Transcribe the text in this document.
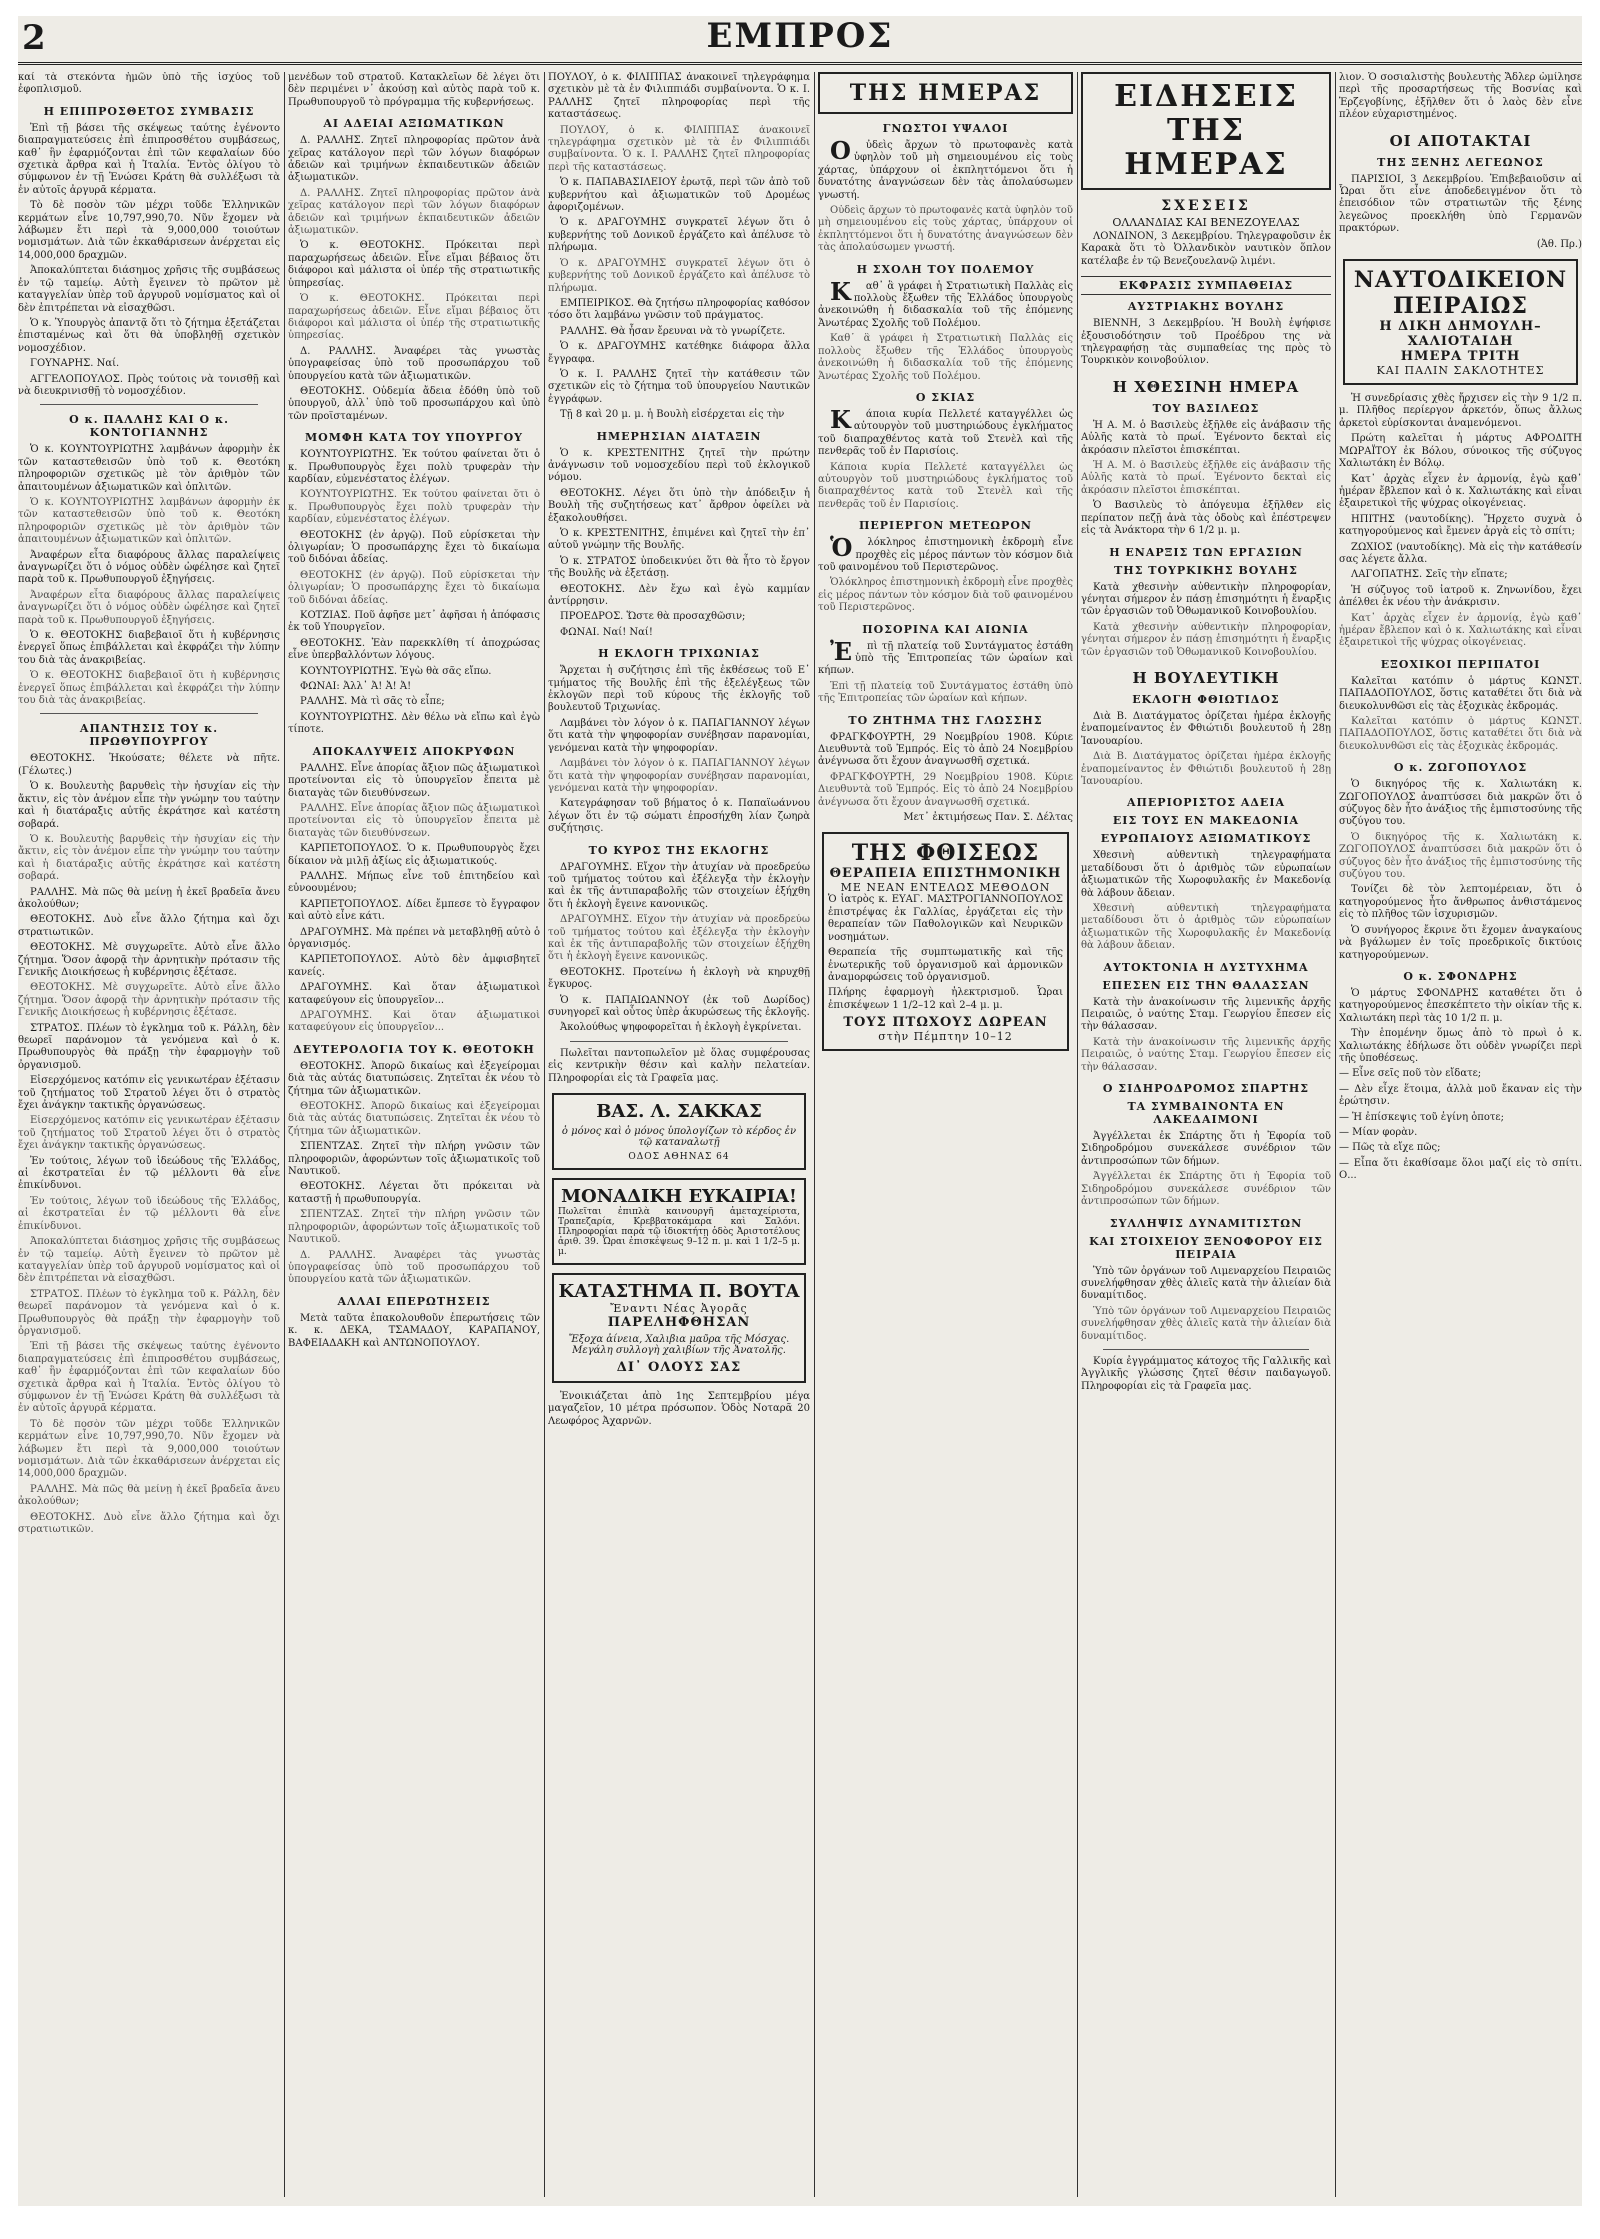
2	ΕΜΠΡΟΣ

καί τὰ στεκόντα ἡμῶν ὑπὸ τῆς ἰσχύος τοῦ ἐφοπλισμοῦ.

Η ΕΠΙΠΡΟΣΘΕΤΟΣ ΣΥΜΒΑΣΙΣ

Ἐπὶ τῇ βάσει τῆς σκέψεως ταύτης ἐγένοντο διαπραγματεύσεις ἐπὶ ἐπιπροσθέτου συμβάσεως, καθ᾽ ἣν ἐφαρμόζονται ἐπὶ τῶν κεφαλαίων δύο σχετικὰ ἄρθρα καὶ ἡ Ἰταλία. Ἐντὸς ὀλίγου τὸ σύμφωνον ἐν τῇ Ἑνώσει Κράτη θὰ συλλέξωσι τὰ ἐν αὐτοῖς ἀργυρᾶ κέρματα.

Τὸ δὲ ποσὸν τῶν μέχρι τοῦδε Ἑλληνικῶν κερμάτων εἶνε 10,797,990,70. Νῦν ἔχομεν νὰ λάβωμεν ἔτι περὶ τὰ 9,000,000 τοιούτων νομισμάτων. Διὰ τῶν ἐκκαθάρισεων ἀνέρχεται εἰς 14,000,000 δραχμῶν.

Ἀποκαλύπτεται διάσημος χρῆσις τῆς συμβάσεως ἐν τῷ ταμείῳ. Αὐτὴ ἔγεινεν τὸ πρῶτον μὲ καταγγελίαν ὑπὲρ τοῦ ἀργυροῦ νομίσματος καὶ οἱ δὲν ἐπιτρέπεται νὰ εἰσαχθῶσι.

Ὁ κ. Ὑπουργὸς ἀπαντᾷ ὅτι τὸ ζήτημα ἐξετάζεται ἐπισταμένως καὶ ὅτι θὰ ὑποβληθῇ σχετικὸν νομοσχέδιον.

ΓΟΥΝΑΡΗΣ. Ναί.

ΑΓΓΕΛΟΠΟΥΛΟΣ. Πρὸς τούτοις νὰ τονισθῇ καὶ νὰ διευκρινισθῇ τὸ νομοσχέδιον.

Ο κ. ΠΑΛΛΗΣ ΚΑΙ Ο κ. ΚΟΝΤΟΓΙΑΝΝΗΣ

Ὁ κ. ΚΟΥΝΤΟΥΡΙΩΤΗΣ λαμβάνων ἀφορμὴν ἐκ τῶν καταστεθεισῶν ὑπὸ τοῦ κ. Θεοτόκη πληροφοριῶν σχετικῶς μὲ τὸν ἀριθμὸν τῶν ἀπαιτουμένων ἀξιωματικῶν καὶ ὁπλιτῶν.

Ὁ κ. ΚΟΥΝΤΟΥΡΙΩΤΗΣ λαμβάνων ἀφορμὴν ἐκ τῶν καταστεθεισῶν ὑπὸ τοῦ κ. Θεοτόκη πληροφοριῶν σχετικῶς μὲ τὸν ἀριθμὸν τῶν ἀπαιτουμένων ἀξιωματικῶν καὶ ὁπλιτῶν.

Ἀναφέρων εἶτα διαφόρους ἄλλας παραλείψεις ἀναγνωρίζει ὅτι ὁ νόμος οὐδὲν ὠφέλησε καὶ ζητεῖ παρὰ τοῦ κ. Πρωθυπουργοῦ ἐξηγήσεις.

Ἀναφέρων εἶτα διαφόρους ἄλλας παραλείψεις ἀναγνωρίζει ὅτι ὁ νόμος οὐδὲν ὠφέλησε καὶ ζητεῖ παρὰ τοῦ κ. Πρωθυπουργοῦ ἐξηγήσεις.

Ὁ κ. ΘΕΟΤΟΚΗΣ διαβεβαιοῖ ὅτι ἡ κυβέρνησις ἐνεργεῖ ὅπως ἐπιβάλλεται καὶ ἐκφράζει τὴν λύπην του διὰ τὰς ἀνακριβείας.

Ὁ κ. ΘΕΟΤΟΚΗΣ διαβεβαιοῖ ὅτι ἡ κυβέρνησις ἐνεργεῖ ὅπως ἐπιβάλλεται καὶ ἐκφράζει τὴν λύπην του διὰ τὰς ἀνακριβείας.

ΑΠΑΝΤΗΣΙΣ ΤΟΥ κ. ΠΡΩΘΥΠΟΥΡΓΟΥ

ΘΕΟΤΟΚΗΣ. Ἠκούσατε; θέλετε νὰ πῆτε. (Γέλωτες.)

Ὁ κ. Βουλευτὴς βαρυθεὶς τὴν ἡσυχίαν εἰς τὴν ἄκτιν, εἰς τὸν ἀνέμον εἶπε τὴν γνώμην του ταύτην καὶ ἡ διατάραξις αὐτῆς ἐκράτησε καὶ κατέστη σοβαρά.

Ὁ κ. Βουλευτὴς βαρυθεὶς τὴν ἡσυχίαν εἰς τὴν ἄκτιν, εἰς τὸν ἀνέμον εἶπε τὴν γνώμην του ταύτην καὶ ἡ διατάραξις αὐτῆς ἐκράτησε καὶ κατέστη σοβαρά.

ΡΑΛΛΗΣ. Μὰ πῶς θὰ μείνῃ ἡ ἐκεῖ βραδεῖα ἄνευ ἀκολούθων;

ΘΕΟΤΟΚΗΣ. Δυὸ εἶνε ἄλλο ζήτημα καὶ ὄχι στρατιωτικῶν.

ΘΕΟΤΟΚΗΣ. Μὲ συγχωρεῖτε. Αὐτὸ εἶνε ἄλλο ζήτημα. Ὅσον ἀφορᾷ τὴν ἀρνητικὴν πρότασιν τῆς Γενικῆς Διοικήσεως ἡ κυβέρνησις ἐξέτασε.

ΘΕΟΤΟΚΗΣ. Μὲ συγχωρεῖτε. Αὐτὸ εἶνε ἄλλο ζήτημα. Ὅσον ἀφορᾷ τὴν ἀρνητικὴν πρότασιν τῆς Γενικῆς Διοικήσεως ἡ κυβέρνησις ἐξέτασε.

ΣΤΡΑΤΟΣ. Πλέων τὸ ἐγκλημα τοῦ κ. Ράλλη, δὲν θεωρεῖ παράνομον τὰ γενόμενα καὶ ὁ κ. Πρωθυπουργὸς θὰ πράξῃ τὴν ἐφαρμογὴν τοῦ ὀργανισμοῦ.

Εἰσερχόμενος κατόπιν εἰς γενικωτέραν ἐξέτασιν τοῦ ζητήματος τοῦ Στρατοῦ λέγει ὅτι ὁ στρατὸς ἔχει ἀνάγκην τακτικῆς ὀργανώσεως.

Εἰσερχόμενος κατόπιν εἰς γενικωτέραν ἐξέτασιν τοῦ ζητήματος τοῦ Στρατοῦ λέγει ὅτι ὁ στρατὸς ἔχει ἀνάγκην τακτικῆς ὀργανώσεως.

Ἐν τούτοις, λέγων τοῦ ἰδεώδους τῆς Ἑλλάδος, αἱ ἐκστρατεῖαι ἐν τῷ μέλλοντι θὰ εἶνε ἐπικίνδυνοι.

Ἐν τούτοις, λέγων τοῦ ἰδεώδους τῆς Ἑλλάδος, αἱ ἐκστρατεῖαι ἐν τῷ μέλλοντι θὰ εἶνε ἐπικίνδυνοι.

Ἀποκαλύπτεται διάσημος χρῆσις τῆς συμβάσεως ἐν τῷ ταμείῳ. Αὐτὴ ἔγεινεν τὸ πρῶτον μὲ καταγγελίαν ὑπὲρ τοῦ ἀργυροῦ νομίσματος καὶ οἱ δὲν ἐπιτρέπεται νὰ εἰσαχθῶσι.

ΣΤΡΑΤΟΣ. Πλέων τὸ ἐγκλημα τοῦ κ. Ράλλη, δὲν θεωρεῖ παράνομον τὰ γενόμενα καὶ ὁ κ. Πρωθυπουργὸς θὰ πράξῃ τὴν ἐφαρμογὴν τοῦ ὀργανισμοῦ.

Ἐπὶ τῇ βάσει τῆς σκέψεως ταύτης ἐγένοντο διαπραγματεύσεις ἐπὶ ἐπιπροσθέτου συμβάσεως, καθ᾽ ἣν ἐφαρμόζονται ἐπὶ τῶν κεφαλαίων δύο σχετικὰ ἄρθρα καὶ ἡ Ἰταλία. Ἐντὸς ὀλίγου τὸ σύμφωνον ἐν τῇ Ἑνώσει Κράτη θὰ συλλέξωσι τὰ ἐν αὐτοῖς ἀργυρᾶ κέρματα.

Τὸ δὲ ποσὸν τῶν μέχρι τοῦδε Ἑλληνικῶν κερμάτων εἶνε 10,797,990,70. Νῦν ἔχομεν νὰ λάβωμεν ἔτι περὶ τὰ 9,000,000 τοιούτων νομισμάτων. Διὰ τῶν ἐκκαθάρισεων ἀνέρχεται εἰς 14,000,000 δραχμῶν.

ΡΑΛΛΗΣ. Μὰ πῶς θὰ μείνῃ ἡ ἐκεῖ βραδεῖα ἄνευ ἀκολούθων;

ΘΕΟΤΟΚΗΣ. Δυὸ εἶνε ἄλλο ζήτημα καὶ ὄχι στρατιωτικῶν.

μενέδων τοῦ στρατοῦ. Κατακλεῖων δὲ λέγει ὅτι δὲν περιμένει ν᾽ ἀκούσῃ καὶ αὐτὸς παρὰ τοῦ κ. Πρωθυπουργοῦ τὸ πρόγραμμα τῆς κυβερνήσεως.

ΑΙ ΑΔΕΙΑΙ ΑΞΙΩΜΑΤΙΚΩΝ

Δ. ΡΑΛΛΗΣ. Ζητεῖ πληροφορίας πρῶτον ἀνὰ χεῖρας κατάλογον περὶ τῶν λόγων διαφόρων ἀδειῶν καὶ τριμήνων ἐκπαιδευτικῶν ἀδειῶν ἀξιωματικῶν.

Δ. ΡΑΛΛΗΣ. Ζητεῖ πληροφορίας πρῶτον ἀνὰ χεῖρας κατάλογον περὶ τῶν λόγων διαφόρων ἀδειῶν καὶ τριμήνων ἐκπαιδευτικῶν ἀδειῶν ἀξιωματικῶν.

Ὁ κ. ΘΕΟΤΟΚΗΣ. Πρόκειται περὶ παραχωρήσεως ἀδειῶν. Εἶνε εἴμαι βέβαιος ὅτι διάφοροι καὶ μάλιστα οἱ ὑπέρ τῆς στρατιωτικῆς ὑπηρεσίας.

Ὁ κ. ΘΕΟΤΟΚΗΣ. Πρόκειται περὶ παραχωρήσεως ἀδειῶν. Εἶνε εἴμαι βέβαιος ὅτι διάφοροι καὶ μάλιστα οἱ ὑπέρ τῆς στρατιωτικῆς ὑπηρεσίας.

Δ. ΡΑΛΛΗΣ. Ἀναφέρει τὰς γνωστὰς ὑπογραφείσας ὑπὸ τοῦ προσωπάρχου τοῦ ὑπουργείου κατὰ τῶν ἀξιωματικῶν.

ΘΕΟΤΟΚΗΣ. Οὐδεμία ἄδεια ἐδόθη ὑπὸ τοῦ ὑπουργοῦ, ἀλλ᾽ ὑπὸ τοῦ προσωπάρχου καὶ ὑπὸ τῶν προϊσταμένων.

ΜΟΜΦΗ ΚΑΤΑ ΤΟΥ ΥΠΟΥΡΓΟΥ

ΚΟΥΝΤΟΥΡΙΩΤΗΣ. Ἐκ τούτου φαίνεται ὅτι ὁ κ. Πρωθυπουργὸς ἔχει πολὺ τρυφερὰν τὴν καρδίαν, εὐμενέστατος ἐλέγων.

ΚΟΥΝΤΟΥΡΙΩΤΗΣ. Ἐκ τούτου φαίνεται ὅτι ὁ κ. Πρωθυπουργὸς ἔχει πολὺ τρυφερὰν τὴν καρδίαν, εὐμενέστατος ἐλέγων.

ΘΕΟΤΟΚΗΣ (ἐν ἀργῷ). Ποῦ εὑρίσκεται τὴν ὀλιγωρίαν; Ὁ προσωπάρχης ἔχει τὸ δικαίωμα τοῦ διδόναι ἀδείας.

ΘΕΟΤΟΚΗΣ (ἐν ἀργῷ). Ποῦ εὑρίσκεται τὴν ὀλιγωρίαν; Ὁ προσωπάρχης ἔχει τὸ δικαίωμα τοῦ διδόναι ἀδείας.

ΚΟΤΖΙΑΣ. Ποῦ ἀφῆσε μετ᾽ ἀφῆσαι ἡ ἀπόφασις ἐκ τοῦ Υπουργεῖον.

ΘΕΟΤΟΚΗΣ. Ἐὰν παρεκκλίθη τί ἀποχρώσας εἶνε ὑπερβαλλόντων λόγους.

ΚΟΥΝΤΟΥΡΙΩΤΗΣ. Ἐγὼ θὰ σᾶς εἴπω.

ΦΩΝΑΙ: Ἀλλ᾽ Ἀ! Ἀ! Ἀ!

ΡΑΛΛΗΣ. Μὰ τὶ σᾶς τὸ εἶπε;

ΚΟΥΝΤΟΥΡΙΩΤΗΣ. Δὲν θέλω νὰ εἴπω καὶ ἐγὼ τίποτε.

ΑΠΟΚΑΛΥΨΕΙΣ ΑΠΟΚΡΥΦΩΝ

ΡΑΛΛΗΣ. Εἶνε ἀπορίας ἄξιον πῶς ἀξιωματικοὶ προτείνονται εἰς τὸ ὑπουργεῖον ἔπειτα μὲ διαταγὰς τῶν διευθύνσεων.

ΡΑΛΛΗΣ. Εἶνε ἀπορίας ἄξιον πῶς ἀξιωματικοὶ προτείνονται εἰς τὸ ὑπουργεῖον ἔπειτα μὲ διαταγὰς τῶν διευθύνσεων.

ΚΑΡΠΕΤΟΠΟΥΛΟΣ. Ὁ κ. Πρωθυπουργὸς ἔχει δίκαιον νὰ μιλῇ ἀξίως εἰς ἀξιωματικούς.

ΡΑΛΛΗΣ. Μήπως εἶνε τοῦ ἐπιτηδείου καὶ εὐνοουμένου;

ΚΑΡΠΕΤΟΠΟΥΛΟΣ. Δίδει ἔμπεσε τὸ ἔγγραφον καὶ αὐτὸ εἶνε κάτι.

ΔΡΑΓΟΥΜΗΣ. Μὰ πρέπει νὰ μεταβληθῇ αὐτὸ ὁ ὀργανισμός.

ΚΑΡΠΕΤΟΠΟΥΛΟΣ. Αὐτὸ δὲν ἀμφισβητεῖ κανείς.

ΔΡΑΓΟΥΜΗΣ. Καὶ ὅταν ἀξιωματικοὶ καταφεύγουν εἰς ὑπουργεῖον...

ΔΡΑΓΟΥΜΗΣ. Καὶ ὅταν ἀξιωματικοὶ καταφεύγουν εἰς ὑπουργεῖον...

ΔΕΥΤΕΡΟΛΟΓΙΑ ΤΟΥ Κ. ΘΕΟΤΟΚΗ

ΘΕΟΤΟΚΗΣ. Ἀπορῶ δικαίως καὶ ἐξεγείρομαι διὰ τὰς αὐτάς διατυπώσεις. Ζητεῖται ἐκ νέου τὸ ζήτημα τῶν ἀξιωματικῶν.

ΘΕΟΤΟΚΗΣ. Ἀπορῶ δικαίως καὶ ἐξεγείρομαι διὰ τὰς αὐτάς διατυπώσεις. Ζητεῖται ἐκ νέου τὸ ζήτημα τῶν ἀξιωματικῶν.

ΣΠΕΝΤΖΑΣ. Ζητεῖ τὴν πλήρη γνῶσιν τῶν πληροφοριῶν, ἀφορώντων τοῖς ἀξιωματικοῖς τοῦ Ναυτικοῦ.

ΘΕΟΤΟΚΗΣ. Λέγεται ὅτι πρόκειται νὰ καταστῇ ἡ πρωθυπουργία.

ΣΠΕΝΤΖΑΣ. Ζητεῖ τὴν πλήρη γνῶσιν τῶν πληροφοριῶν, ἀφορώντων τοῖς ἀξιωματικοῖς τοῦ Ναυτικοῦ.

Δ. ΡΑΛΛΗΣ. Ἀναφέρει τὰς γνωστὰς ὑπογραφείσας ὑπὸ τοῦ προσωπάρχου τοῦ ὑπουργείου κατὰ τῶν ἀξιωματικῶν.

ΑΛΛΑΙ ΕΠΕΡΩΤΗΣΕΙΣ

Μετὰ ταῦτα ἐπακολουθοῦν ἐπερωτήσεις τῶν κ. κ. ΔΕΚΑ, ΤΣΑΜΑΔΟΥ, ΚΑΡΑΠΑΝΟΥ, ΒΑΦΕΙΑΔΑΚΗ καὶ ΑΝΤΩΝΟΠΟΥΛΟΥ.

ΠΟΥΛΟΥ, ὁ κ. ΦΙΛΙΠΠΑΣ ἀνακοινεῖ τηλεγράφημα σχετικὸν μὲ τὰ ἐν Φιλιππιάδι συμβαίνοντα. Ὁ κ. Ι. ΡΑΛΛΗΣ ζητεῖ πληροφορίας περὶ τῆς καταστάσεως.

ΠΟΥΛΟΥ, ὁ κ. ΦΙΛΙΠΠΑΣ ἀνακοινεῖ τηλεγράφημα σχετικὸν μὲ τὰ ἐν Φιλιππιάδι συμβαίνοντα. Ὁ κ. Ι. ΡΑΛΛΗΣ ζητεῖ πληροφορίας περὶ τῆς καταστάσεως.

Ὁ κ. ΠΑΠΑΒΑΣΙΛΕΙΟΥ ἐρωτᾷ, περὶ τῶν ἀπὸ τοῦ κυβερνήτου καὶ ἀξιωματικῶν τοῦ Δρομέως ἀφοριζομένων.

Ὁ κ. ΔΡΑΓΟΥΜΗΣ συγκρατεῖ λέγων ὅτι ὁ κυβερνήτης τοῦ Δονικοῦ ἐργάζετο καὶ ἀπέλυσε τὸ πλήρωμα.

Ὁ κ. ΔΡΑΓΟΥΜΗΣ συγκρατεῖ λέγων ὅτι ὁ κυβερνήτης τοῦ Δονικοῦ ἐργάζετο καὶ ἀπέλυσε τὸ πλήρωμα.

ΕΜΠΕΙΡΙΚΟΣ. Θὰ ζητήσω πληροφορίας καθόσον τόσο ὅτι λαμβάνω γνῶσιν τοῦ πράγματος.

ΡΑΛΛΗΣ. Θὰ ἦσαν ἔρευναι νὰ τὸ γνωρίζετε.

Ὁ κ. ΔΡΑΓΟΥΜΗΣ κατέθηκε διάφορα ἄλλα ἔγγραφα.

Ὁ κ. Ι. ΡΑΛΛΗΣ ζητεῖ τὴν κατάθεσιν τῶν σχετικῶν εἰς τὸ ζήτημα τοῦ ὑπουργείου Ναυτικῶν ἐγγράφων.

Τῇ 8 καὶ 20 μ. μ. ἡ Βουλὴ εἰσέρχεται εἰς τὴν

ΗΜΕΡΗΣΙΑΝ ΔΙΑΤΑΞΙΝ

Ὁ κ. ΚΡΕΣΤΕΝΙΤΗΣ ζητεῖ τὴν πρώτην ἀνάγνωσιν τοῦ νομοσχεδίου περὶ τοῦ ἐκλογικοῦ νόμου.

ΘΕΟΤΟΚΗΣ. Λέγει ὅτι ὑπὸ τὴν ἀπόδειξιν ἡ Βουλὴ τῆς συζητήσεως κατ᾽ ἄρθρον ὀφείλει νὰ ἐξακολουθήσει.

Ὁ κ. ΚΡΕΣΤΕΝΙΤΗΣ, ἐπιμένει καὶ ζητεῖ τὴν ἐπ᾽ αὐτοῦ γνώμην τῆς Βουλῆς.

Ὁ κ. ΣΤΡΑΤΟΣ ὑποδεικνύει ὅτι θὰ ἦτο τὸ ἔργον τῆς Βουλῆς νὰ ἐξετάσῃ.

ΘΕΟΤΟΚΗΣ. Δὲν ἔχω καὶ ἐγὼ καμμίαν ἀντίρρησιν.

ΠΡΟΕΔΡΟΣ. Ὥστε θὰ προσαχθῶσιν;

ΦΩΝΑΙ. Ναί! Ναί!

Η ΕΚΛΟΓΗ ΤΡΙΧΩΝΙΑΣ

Ἄρχεται ἡ συζήτησις ἐπὶ τῆς ἐκθέσεως τοῦ Ε᾽ τμήματος τῆς Βουλῆς ἐπὶ τῆς ἐξελέγξεως τῶν ἐκλογῶν περὶ τοῦ κύρους τῆς ἐκλογῆς τοῦ βουλευτοῦ Τριχωνίας.

Λαμβάνει τὸν λόγον ὁ κ. ΠΑΠΑΓΙΑΝΝΟΥ λέγων ὅτι κατὰ τὴν ψηφοφορίαν συνέβησαν παρανομίαι, γενόμεναι κατὰ τὴν ψηφοφορίαν.

Λαμβάνει τὸν λόγον ὁ κ. ΠΑΠΑΓΙΑΝΝΟΥ λέγων ὅτι κατὰ τὴν ψηφοφορίαν συνέβησαν παρανομίαι, γενόμεναι κατὰ τὴν ψηφοφορίαν.

Κατεγράφησαν τοῦ βήματος ὁ κ. Παπαϊωάννου λέγων ὅτι ἐν τῷ σώματι ἐπροσήχθη λίαν ζωηρὰ συζήτησις.

ΤΟ ΚΥΡΟΣ ΤΗΣ ΕΚΛΟΓΗΣ

ΔΡΑΓΟΥΜΗΣ. Εἴχον τὴν ἀτυχίαν νὰ προεδρεύω τοῦ τμήματος τούτου καὶ ἐξέλεγξα τὴν ἐκλογὴν καὶ ἐκ τῆς ἀντιπαραβολῆς τῶν στοιχείων ἐξήχθη ὅτι ἡ ἐκλογὴ ἔγεινε κανονικῶς.

ΔΡΑΓΟΥΜΗΣ. Εἴχον τὴν ἀτυχίαν νὰ προεδρεύω τοῦ τμήματος τούτου καὶ ἐξέλεγξα τὴν ἐκλογὴν καὶ ἐκ τῆς ἀντιπαραβολῆς τῶν στοιχείων ἐξήχθη ὅτι ἡ ἐκλογὴ ἔγεινε κανονικῶς.

ΘΕΟΤΟΚΗΣ. Προτείνω ἡ ἐκλογὴ νὰ κηρυχθῇ ἔγκυρος.

Ὁ κ. ΠΑΠΑΙΩΑΝΝΟΥ (ἐκ τοῦ Δωρίδος) συνηγορεῖ καὶ οὗτος ὑπὲρ ἀκυρώσεως τῆς ἐκλογῆς.

Ἀκολούθως ψηφοφορεῖται ἡ ἐκλογὴ ἐγκρίνεται.

Πωλεῖται παντοπωλεῖον μὲ ὅλας συμφέρουσας εἰς κεντρικὴν θέσιν καὶ καλὴν πελατείαν. Πληροφορίαι εἰς τὰ Γραφεῖα μας.

ΒΑΣ. Λ. ΣΑΚΚΑΣ
ὁ μόνος καὶ ὁ μόνος ὑπολογίζων τὸ κέρδος ἐν τῷ καταναλωτῇ
ΟΔΟΣ ΑΘΗΝΑΣ 64
ΜΟΝΑΔΙΚΗ ΕΥΚΑΙΡΙΑ!
Πωλεῖται ἐπιπλὰ καινουργῆ ἀμεταχείριστα, Τραπεζαρία, Κρεββατοκάμαρα καὶ Σαλόνι. Πληροφορίαι παρὰ τῷ ἰδιοκτήτῃ ὁδὸς Ἀριστοτέλους ἀριθ. 39. Ὧραι ἐπισκέψεως 9–12 π. μ. καὶ 1 1/2–5 μ. μ.
ΚΑΤΑΣΤΗΜΑ Π. ΒΟΥΤΑ
Ἔναντι Νέας Ἀγορᾶς
ΠΑΡΕΛΗΦΘΗΣΑΝ
Ἔξοχα ἀίνεια, Χαλιβια μαῦρα τῆς Μόσχας. Μεγάλη συλλογὴ χαλιβίων τῆς Ἀνατολῆς.
ΔΙ᾽ ΟΛΟΥΣ ΣΑΣ

Ἐνοικιάζεται ἀπὸ 1ης Σεπτεμβρίου μέγα μαγαζεῖον, 10 μέτρα πρόσωπον. Ὁδὸς Νοταρᾶ 20 Λεωφόρος Ἀχαρνῶν.

ΤΗΣ ΗΜΕΡΑΣ
ΓΝΩΣΤΟΙ ΥΨΑΛΟΙ

Οὐδεὶς ἄρχων τὸ πρωτοφανὲς κατὰ ὑφηλὸν τοῦ μὴ σημειουμένου εἰς τοὺς χάρτας, ὑπάρχουν οἱ ἐκπληττόμενοι ὅτι ἡ δυνατότης ἀναγνώσεων δὲν τὰς ἀπολαύσωμεν γνωστή.

Οὐδεὶς ἄρχων τὸ πρωτοφανὲς κατὰ ὑφηλὸν τοῦ μὴ σημειουμένου εἰς τοὺς χάρτας, ὑπάρχουν οἱ ἐκπληττόμενοι ὅτι ἡ δυνατότης ἀναγνώσεων δὲν τὰς ἀπολαύσωμεν γνωστή.

Η ΣΧΟΛΗ ΤΟΥ ΠΟΛΕΜΟΥ

Καθ᾽ ἃ γράφει ἡ Στρατιωτικὴ Παλλὰς εἰς πολλοὺς ἔξωθεν τῆς Ἑλλάδος ὑπουργοὺς ἀνεκοινώθη ἡ διδασκαλία τοῦ τῆς ἐπόμενης Ἀνωτέρας Σχολῆς τοῦ Πολέμου.

Καθ᾽ ἃ γράφει ἡ Στρατιωτικὴ Παλλὰς εἰς πολλοὺς ἔξωθεν τῆς Ἑλλάδος ὑπουργοὺς ἀνεκοινώθη ἡ διδασκαλία τοῦ τῆς ἐπόμενης Ἀνωτέρας Σχολῆς τοῦ Πολέμου.

Ο ΣΚΙΑΣ

Κάποια κυρία Πελλετέ καταγγέλλει ὡς αὐτουργὸν τοῦ μυστηριώδους ἐγκλήματος τοῦ διαπραχθέντος κατὰ τοῦ Στενὲλ καὶ τῆς πενθερᾶς τοῦ ἐν Παρισίοις.

Κάποια κυρία Πελλετέ καταγγέλλει ὡς αὐτουργὸν τοῦ μυστηριώδους ἐγκλήματος τοῦ διαπραχθέντος κατὰ τοῦ Στενὲλ καὶ τῆς πενθερᾶς τοῦ ἐν Παρισίοις.

ΠΕΡΙΕΡΓΟΝ ΜΕΤΕΩΡΟΝ

Ὁλόκληρος ἐπιστημονικὴ ἐκδρομὴ εἶνε προχθὲς εἰς μέρος πάντων τὸν κόσμον διὰ τοῦ φαινομένου τοῦ Περιστερῶνος.

Ὁλόκληρος ἐπιστημονικὴ ἐκδρομὴ εἶνε προχθὲς εἰς μέρος πάντων τὸν κόσμον διὰ τοῦ φαινομένου τοῦ Περιστερῶνος.

ΠΟΣΟΡΙΝΑ ΚΑΙ ΑΙΩΝΙΑ

Ἐπὶ τῇ πλατείᾳ τοῦ Συντάγματος ἐστάθη ὑπὸ τῆς Ἐπιτροπείας τῶν ὡραίων καὶ κήπων.

Ἐπὶ τῇ πλατείᾳ τοῦ Συντάγματος ἐστάθη ὑπὸ τῆς Ἐπιτροπείας τῶν ὡραίων καὶ κήπων.

ΤΟ ΖΗΤΗΜΑ ΤΗΣ ΓΛΩΣΣΗΣ

ΦΡΑΓΚΦΟΥΡΤΗ, 29 Νοεμβρίου 1908. Κύριε Διευθυντὰ τοῦ Ἐμπρός. Εἰς τὸ ἀπὸ 24 Νοεμβρίου ἀνέγνωσα ὅτι ἔχουν ἀναγνωσθῆ σχετικά.

ΦΡΑΓΚΦΟΥΡΤΗ, 29 Νοεμβρίου 1908. Κύριε Διευθυντὰ τοῦ Ἐμπρός. Εἰς τὸ ἀπὸ 24 Νοεμβρίου ἀνέγνωσα ὅτι ἔχουν ἀναγνωσθῆ σχετικά.

Μετ᾽ ἐκτιμήσεως Παν. Σ. Δέλτας

ΤΗΣ ΦΘΙΣΕΩΣ
ΘΕΡΑΠΕΙΑ ΕΠΙΣΤΗΜΟΝΙΚΗ
ΜΕ ΝΕΑΝ ΕΝΤΕΛΩΣ ΜΕΘΟΔΟΝ

Ὁ ἰατρὸς κ. ΕΥΑΓ. ΜΑΣΤΡΟΓΙΑΝΝΟΠΟΥΛΟΣ ἐπιστρέψας ἐκ Γαλλίας, ἐργάζεται εἰς τὴν θεραπείαν τῶν Παθολογικῶν καὶ Νευρικῶν νοσημάτων.

Θεραπεία τῆς συμπτωματικῆς καὶ τῆς ἐνωτερικῆς τοῦ ὀργανισμοῦ καὶ ἀρμονικῶν ἀναμορφώσεις τοῦ ὀργανισμοῦ.

Πλήρης ἐφαρμογὴ ἠλεκτρισμοῦ. Ὧραι ἐπισκέψεων 1 1/2–12 καὶ 2–4 μ. μ.

ΤΟΥΣ ΠΤΩΧΟΥΣ ΔΩΡΕΑΝ
στὴν Πέμπτην 10–12
ΕΙΔΗΣΕΙΣ ΤΗΣ ΗΜΕΡΑΣ
ΣΧΕΣΕΙΣ
ΟΛΛΑΝΔΙΑΣ ΚΑΙ ΒΕΝΕΖΟΥΕΛΑΣ

ΛΟΝΔΙΝΟΝ, 3 Δεκεμβρίου. Τηλεγραφοῦσιν ἐκ Καρακὰ ὅτι τὸ Ὀλλανδικὸν ναυτικὸν ὅπλον κατέλαβε ἐν τῷ Βενεζουελανῷ λιμένι.

ΕΚΦΡΑΣΙΣ ΣΥΜΠΑΘΕΙΑΣ
ΑΥΣΤΡΙΑΚΗΣ ΒΟΥΛΗΣ

ΒΙΕΝΝΗ, 3 Δεκεμβρίου. Ἡ Βουλὴ ἐψήφισε ἐξουσιοδότησιν τοῦ Προέδρου της νὰ τηλεγραφήσῃ τὰς συμπαθείας της πρὸς τὸ Τουρκικὸν κοινοβούλιον.

Η ΧΘΕΣΙΝΗ ΗΜΕΡΑ
ΤΟΥ ΒΑΣΙΛΕΩΣ

Ἡ Α. Μ. ὁ Βασιλεὺς ἐξῆλθε εἰς ἀνάβασιν τῆς Αὐλῆς κατὰ τὸ πρωί. Ἐγένοντο δεκταὶ εἰς ἀκρόασιν πλεῖστοι ἐπισκέπται.

Ἡ Α. Μ. ὁ Βασιλεὺς ἐξῆλθε εἰς ἀνάβασιν τῆς Αὐλῆς κατὰ τὸ πρωί. Ἐγένοντο δεκταὶ εἰς ἀκρόασιν πλεῖστοι ἐπισκέπται.

Ὁ Βασιλεὺς τὸ ἀπόγευμα ἐξῆλθεν εἰς περίπατον πεζῇ ἀνὰ τὰς ὁδοὺς καὶ ἐπέστρεψεν εἰς τὰ Ἀνάκτορα τὴν 6 1/2 μ. μ.

Η ΕΝΑΡΞΙΣ ΤΩΝ ΕΡΓΑΣΙΩΝ
ΤΗΣ ΤΟΥΡΚΙΚΗΣ ΒΟΥΛΗΣ

Κατὰ χθεσινὴν αὐθεντικὴν πληροφορίαν, γένηται σήμερον ἐν πάσῃ ἐπισημότητι ἡ ἔναρξις τῶν ἐργασιῶν τοῦ Ὀθωμανικοῦ Κοινοβουλίου.

Κατὰ χθεσινὴν αὐθεντικὴν πληροφορίαν, γένηται σήμερον ἐν πάσῃ ἐπισημότητι ἡ ἔναρξις τῶν ἐργασιῶν τοῦ Ὀθωμανικοῦ Κοινοβουλίου.

Η ΒΟΥΛΕΥΤΙΚΗ
ΕΚΛΟΓΗ ΦΘΙΩΤΙΔΟΣ

Διὰ Β. Διατάγματος ὁρίζεται ἡμέρα ἐκλογῆς ἐναπομείναντος ἐν Φθιώτιδι βουλευτοῦ ἡ 28ῃ Ἰανουαρίου.

Διὰ Β. Διατάγματος ὁρίζεται ἡμέρα ἐκλογῆς ἐναπομείναντος ἐν Φθιώτιδι βουλευτοῦ ἡ 28ῃ Ἰανουαρίου.

ΑΠΕΡΙΟΡΙΣΤΟΣ ΑΔΕΙΑ
ΕΙΣ ΤΟΥΣ ΕΝ ΜΑΚΕΔΟΝΙΑ
ΕΥΡΩΠΑΙΟΥΣ ΑΞΙΩΜΑΤΙΚΟΥΣ

Χθεσινὴ αὐθεντικὴ τηλεγραφήματα μεταδίδουσι ὅτι ὁ ἀριθμὸς τῶν εὐρωπαίων ἀξιωματικῶν τῆς Χωροφυλακῆς ἐν Μακεδονίᾳ θὰ λάβουν ἄδειαν.

Χθεσινὴ αὐθεντικὴ τηλεγραφήματα μεταδίδουσι ὅτι ὁ ἀριθμὸς τῶν εὐρωπαίων ἀξιωματικῶν τῆς Χωροφυλακῆς ἐν Μακεδονίᾳ θὰ λάβουν ἄδειαν.

ΑΥΤΟΚΤΟΝΙΑ Η ΔΥΣΤΥΧΗΜΑ
ΕΠΕΣΕΝ ΕΙΣ ΤΗΝ ΘΑΛΑΣΣΑΝ

Κατὰ τὴν ἀνακοίνωσιν τῆς λιμενικῆς ἀρχῆς Πειραιῶς, ὁ ναύτης Σταμ. Γεωργίου ἔπεσεν εἰς τὴν θάλασσαν.

Κατὰ τὴν ἀνακοίνωσιν τῆς λιμενικῆς ἀρχῆς Πειραιῶς, ὁ ναύτης Σταμ. Γεωργίου ἔπεσεν εἰς τὴν θάλασσαν.

Ο ΣΙΔΗΡΟΔΡΟΜΟΣ ΣΠΑΡΤΗΣ
ΤΑ ΣΥΜΒΑΙΝΟΝΤΑ ΕΝ ΛΑΚΕΔΑΙΜΟΝΙ

Ἀγγέλλεται ἐκ Σπάρτης ὅτι ἡ Ἐφορία τοῦ Σιδηροδρόμου συνεκάλεσε συνέδριον τῶν ἀντιπροσώπων τῶν δήμων.

Ἀγγέλλεται ἐκ Σπάρτης ὅτι ἡ Ἐφορία τοῦ Σιδηροδρόμου συνεκάλεσε συνέδριον τῶν ἀντιπροσώπων τῶν δήμων.

ΣΥΛΛΗΨΙΣ ΔΥΝΑΜΙΤΙΣΤΩΝ
ΚΑΙ ΣΤΟΙΧΕΙΟΥ ΞΕΝΟΦΟΡΟΥ ΕΙΣ ΠΕΙΡΑΙΑ

Ὑπὸ τῶν ὀργάνων τοῦ Λιμεναρχείου Πειραιῶς συνελήφθησαν χθὲς ἁλιεῖς κατὰ τὴν ἀλιείαν διὰ δυναμίτιδος.

Ὑπὸ τῶν ὀργάνων τοῦ Λιμεναρχείου Πειραιῶς συνελήφθησαν χθὲς ἁλιεῖς κατὰ τὴν ἀλιείαν διὰ δυναμίτιδος.

Κυρία ἐγγράμματος κάτοχος τῆς Γαλλικῆς καὶ Ἀγγλικῆς γλώσσης ζητεῖ θέσιν παιδαγωγοῦ. Πληροφορίαι εἰς τὰ Γραφεῖα μας.

λιον. Ὁ σοσιαλιστὴς βουλευτὴς Ἄδλερ ὡμίλησε περὶ τῆς προσαρτήσεως τῆς Βοσνίας καὶ Ἑρζεγοβίνης, ἐξῆλθεν ὅτι ὁ λαὸς δὲν εἶνε πλέον εὐχαριστημένος.

ΟΙ ΑΠΟΤΑΚΤΑΙ
ΤΗΣ ΞΕΝΗΣ ΛΕΓΕΩΝΟΣ

ΠΑΡΙΣΙΟΙ, 3 Δεκεμβρίου. Ἐπιβεβαιοῦσιν αἱ Ὧραι ὅτι εἶνε ἀποδεδειγμένον ὅτι τὸ ἐπεισόδιον τῶν στρατιωτῶν τῆς ξένης λεγεῶνος προεκλήθη ὑπὸ Γερμανῶν πρακτόρων.

(Ἀθ. Πρ.)

ΝΑΥΤΟΔΙΚΕΙΟΝ
ΠΕΙΡΑΙΩΣ
Η ΔΙΚΗ ΔΗΜΟΥΛΗ–ΧΑΛΙΟΤΑΙΔΗ
ΗΜΕΡΑ ΤΡΙΤΗ
ΚΑΙ ΠΑΛΙΝ ΣΑΚΛΟΤΗΤΕΣ

Ἡ συνεδρίασις χθὲς ἤρχισεν εἰς τὴν 9 1/2 π. μ. Πλῆθος περίεργον ἀρκετόν, ὅπως ἄλλως ἀρκετοὶ εὑρίσκονται ἀναμενόμενοι.

Πρώτη καλεῖται ἡ μάρτυς ΑΦΡΟΔΙΤΗ ΜΩΡΑΪΤΟΥ ἐκ Βόλου, σύνοικος τῆς σύζυγος Χαλιωτάκη ἐν Βόλῳ.

Κατ᾽ ἀρχὰς εἶχεν ἐν ἀρμονίᾳ, ἐγὼ καθ᾽ ἡμέραν ἔβλεπον καὶ ὁ κ. Χαλιωτάκης καὶ εἶναι ἐξαιρετικοὶ τῆς ψύχρας οἰκογένειας.

ΗΠΙΤΗΣ (ναυτοδίκης). Ἤρχετο συχνὰ ὁ κατηγορούμενος καὶ ἔμενεν ἀργὰ εἰς τὸ σπίτι;

ΖΩΧΙΟΣ (ναυτοδίκης). Μὰ εἰς τὴν κατάθεσίν σας λέγετε ἄλλα.

ΛΑΓΟΠΑΤΗΣ. Σεῖς τὴν εἴπατε;

Ἡ σύζυγος τοῦ ἰατροῦ κ. Ζηνωνίδου, ἔχει ἀπέλθει ἐκ νέου τὴν ἀνάκρισιν.

Κατ᾽ ἀρχὰς εἶχεν ἐν ἀρμονίᾳ, ἐγὼ καθ᾽ ἡμέραν ἔβλεπον καὶ ὁ κ. Χαλιωτάκης καὶ εἶναι ἐξαιρετικοὶ τῆς ψύχρας οἰκογένειας.

ΕΞΟΧΙΚΟΙ ΠΕΡΙΠΑΤΟΙ

Καλεῖται κατόπιν ὁ μάρτυς ΚΩΝΣΤ. ΠΑΠΑΔΟΠΟΥΛΟΣ, ὅστις καταθέτει ὅτι διὰ νὰ διευκολυνθῶσι εἰς τὰς ἐξοχικὰς ἐκδρομάς.

Καλεῖται κατόπιν ὁ μάρτυς ΚΩΝΣΤ. ΠΑΠΑΔΟΠΟΥΛΟΣ, ὅστις καταθέτει ὅτι διὰ νὰ διευκολυνθῶσι εἰς τὰς ἐξοχικὰς ἐκδρομάς.

Ο κ. ΖΩΓΟΠΟΥΛΟΣ

Ὁ δικηγόρος τῆς κ. Χαλιωτάκη κ. ΖΩΓΟΠΟΥΛΟΣ ἀναπτύσσει διὰ μακρῶν ὅτι ὁ σύζυγος δὲν ἦτο ἀνάξιος τῆς ἐμπιστοσύνης τῆς συζύγου του.

Ὁ δικηγόρος τῆς κ. Χαλιωτάκη κ. ΖΩΓΟΠΟΥΛΟΣ ἀναπτύσσει διὰ μακρῶν ὅτι ὁ σύζυγος δὲν ἦτο ἀνάξιος τῆς ἐμπιστοσύνης τῆς συζύγου του.

Τονίζει δὲ τὸν λεπτομέρειαν, ὅτι ὁ κατηγορούμενος ἦτο ἄνθρωπος ἀνθιστάμενος εἰς τὸ πλῆθος τῶν ἰσχυρισμῶν.

Ὁ συνήγορος ἔκρινε ὅτι ἔχομεν ἀναγκαίους νὰ βγάλωμεν ἐν τοῖς προεδρικοῖς δικτύοις κατηγορούμενων.

Ο κ. ΣΦΟΝΔΡΗΣ

Ὁ μάρτυς ΣΦΟΝΔΡΗΣ καταθέτει ὅτι ὁ κατηγορούμενος ἐπεσκέπτετο τὴν οἰκίαν τῆς κ. Χαλιωτάκη περὶ τὰς 10 1/2 π. μ.

Τὴν ἑπομένην ὅμως ἀπὸ τὸ πρωὶ ὁ κ. Χαλιωτάκης ἐδήλωσε ὅτι οὐδὲν γνωρίζει περὶ τῆς ὑποθέσεως.

— Εἶνε σεῖς ποῦ τὸν εἴδατε;

— Δὲν εἶχε ἕτοιμα, ἀλλὰ μοῦ ἔκαναν εἰς τὴν ἐρώτησιν.

— Ἡ ἐπίσκεψις τοῦ ἐγίνη ὁποτε;

— Μίαν φορὰν.

— Πῶς τὰ εἴχε πῶς;

— Εἶπα ὅτι ἐκαθίσαμε ὅλοι μαζί εἰς τὸ σπίτι. Ο...
